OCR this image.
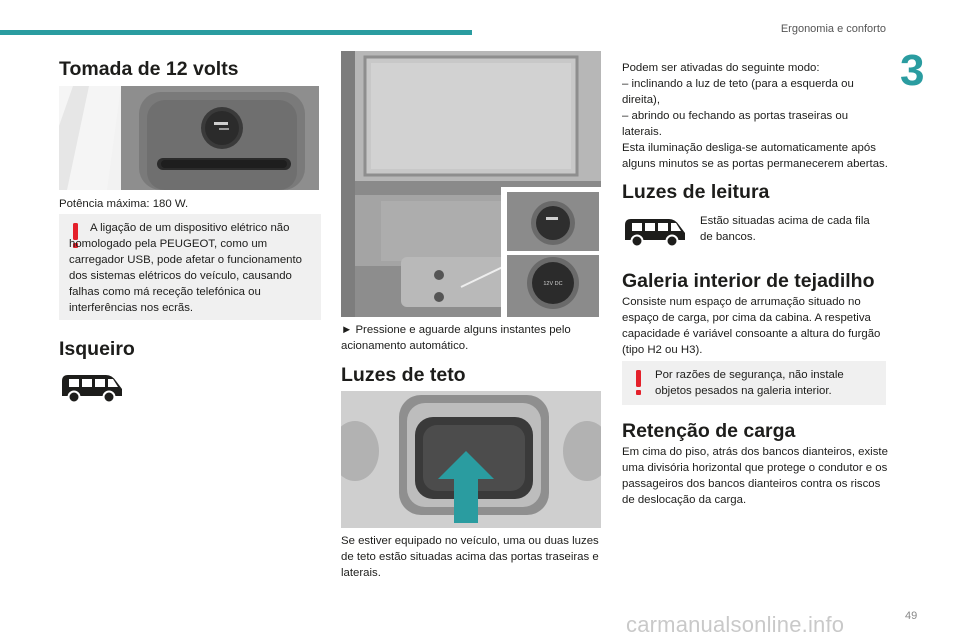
Ergonomia e conforto
3
Tomada de 12 volts
Potência máxima: 180 W.
A ligação de um dispositivo elétrico não homologado pela PEUGEOT, como um carregador USB, pode afetar o funcionamento dos sistemas elétricos do veículo, causando falhas como má receção telefónica ou interferências nos ecrãs.
Isqueiro
12V DC
► Pressione e aguarde alguns instantes pelo acionamento automático.
Luzes de teto
Se estiver equipado no veículo, uma ou duas luzes de teto estão situadas acima das portas traseiras e laterais.
Podem ser ativadas do seguinte modo:
– inclinando a luz de teto (para a esquerda ou direita),
– abrindo ou fechando as portas traseiras ou laterais.
Esta iluminação desliga-se automaticamente após alguns minutos se as portas permanecerem abertas.
Luzes de leitura
Estão situadas acima de cada fila de bancos.
Galeria interior de tejadilho
Consiste num espaço de arrumação situado no espaço de carga, por cima da cabina. A respetiva capacidade é variável consoante a altura do furgão (tipo H2 ou H3).
Por razões de segurança, não instale objetos pesados na galeria interior.
Retenção de carga
Em cima do piso, atrás dos bancos dianteiros, existe uma divisória horizontal que protege o condutor e os passageiros dos bancos dianteiros contra os riscos de deslocação da carga.
carmanualsonline.info	49
